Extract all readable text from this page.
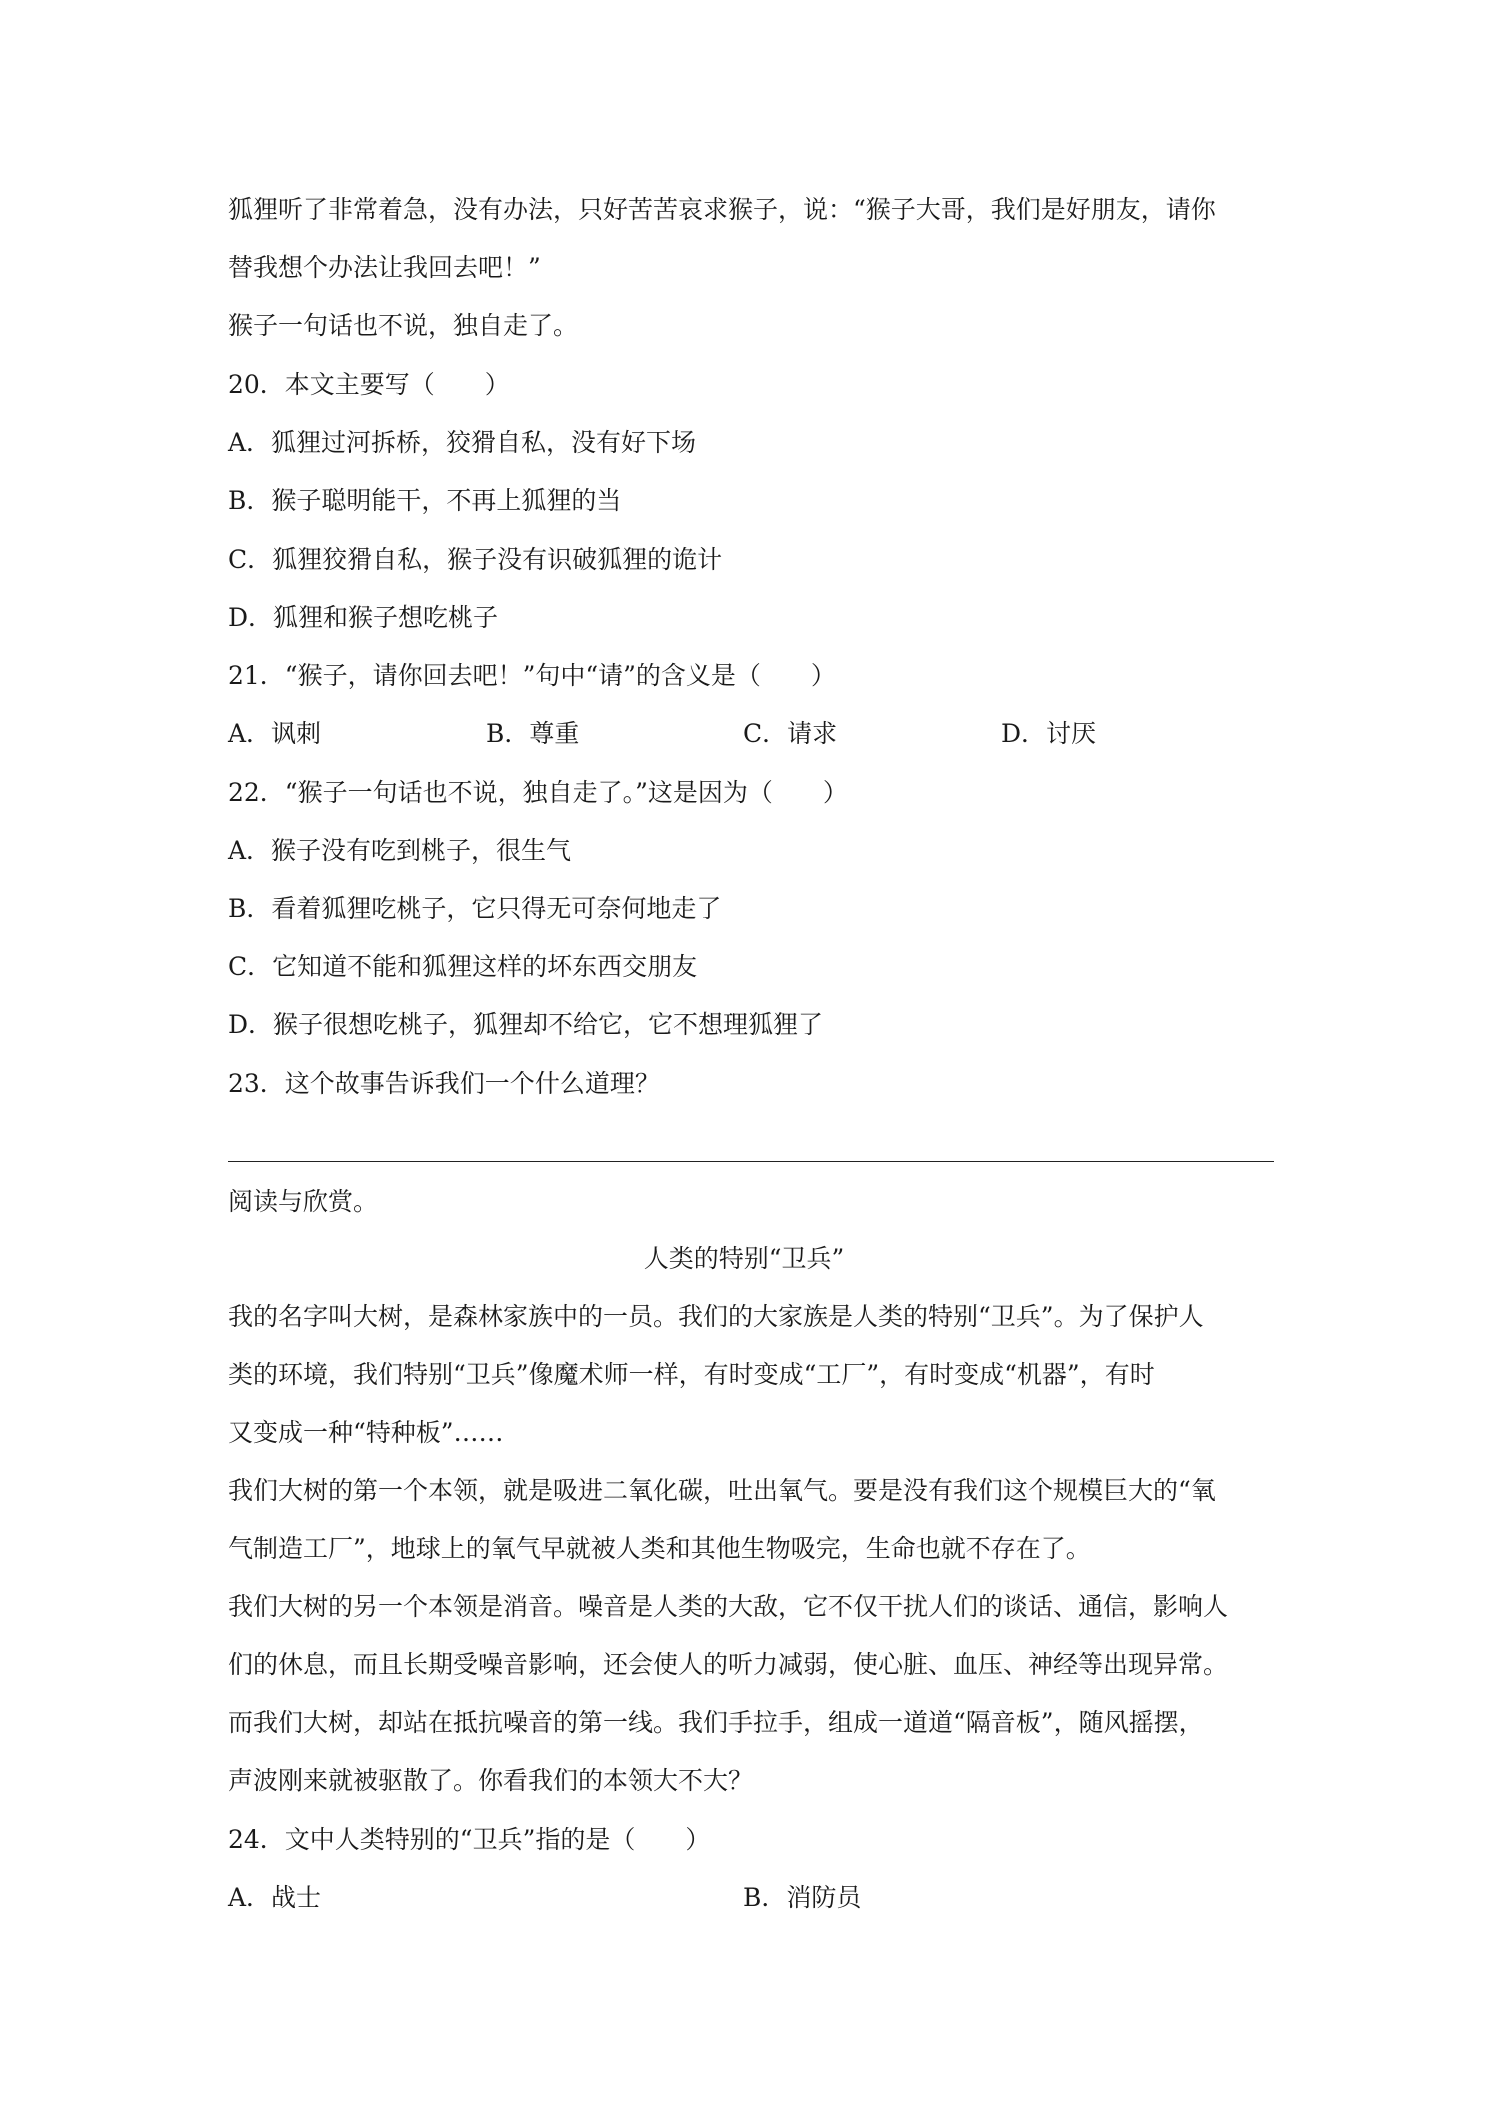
狐狸听了非常着急，没有办法，只好苦苦哀求猴子，说：“猴子大哥，我们是好朋友，请你
替我想个办法让我回去吧！”
猴子一句话也不说，独自走了。
20．本文主要写（　　）
A．狐狸过河拆桥，狡猾自私，没有好下场
B．猴子聪明能干，不再上狐狸的当
C．狐狸狡猾自私，猴子没有识破狐狸的诡计
D．狐狸和猴子想吃桃子
21．“猴子，请你回去吧！”句中“请”的含义是（　　）
A．讽刺	B．尊重	C．请求	D．讨厌
22．“猴子一句话也不说，独自走了。”这是因为（　　）
A．猴子没有吃到桃子，很生气
B．看着狐狸吃桃子，它只得无可奈何地走了
C．它知道不能和狐狸这样的坏东西交朋友
D．猴子很想吃桃子，狐狸却不给它，它不想理狐狸了
23．这个故事告诉我们一个什么道理？
阅读与欣赏。
人类的特别“卫兵”
我的名字叫大树，是森林家族中的一员。我们的大家族是人类的特别“卫兵”。为了保护人
类的环境，我们特别“卫兵”像魔术师一样，有时变成“工厂”，有时变成“机器”，有时
又变成一种“特种板”……
我们大树的第一个本领，就是吸进二氧化碳，吐出氧气。要是没有我们这个规模巨大的“氧
气制造工厂”，地球上的氧气早就被人类和其他生物吸完，生命也就不存在了。
我们大树的另一个本领是消音。噪音是人类的大敌，它不仅干扰人们的谈话、通信，影响人
们的休息，而且长期受噪音影响，还会使人的听力减弱，使心脏、血压、神经等出现异常。
而我们大树，却站在抵抗噪音的第一线。我们手拉手，组成一道道“隔音板”，随风摇摆，
声波刚来就被驱散了。你看我们的本领大不大？
24．文中人类特别的“卫兵”指的是（　　）
A．战士	B．消防员
